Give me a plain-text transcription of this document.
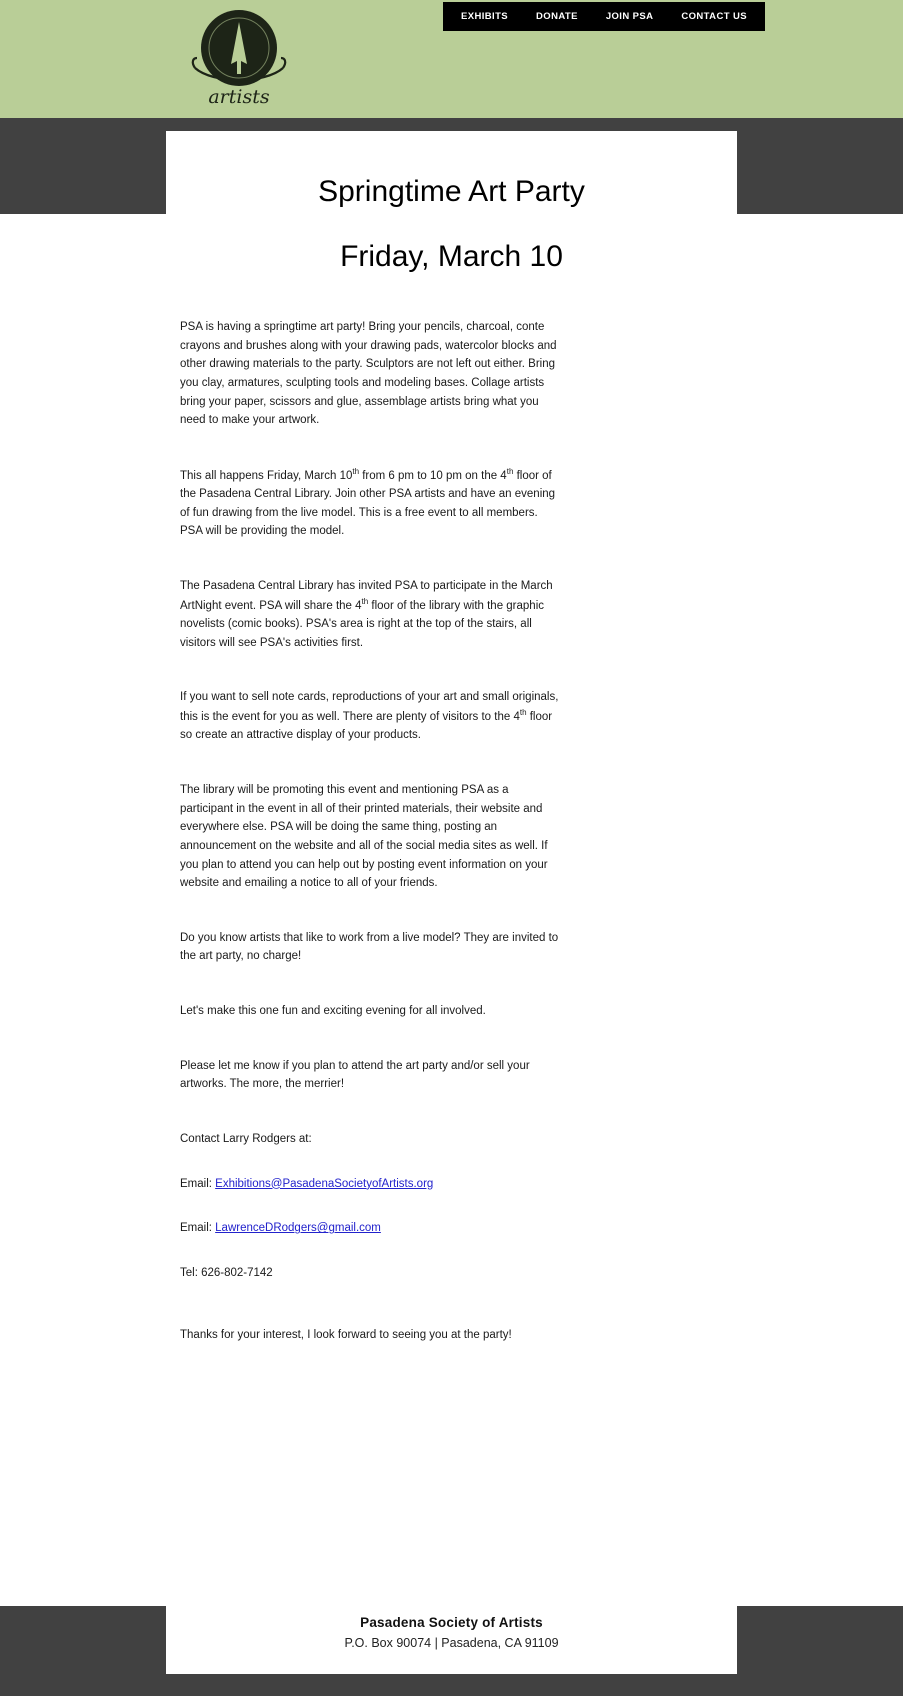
artists
EXHIBITS	DONATE	JOIN PSA	CONTACT US
Springtime Art Party
Friday, March 10

PSA is having a springtime art party! Bring your pencils, charcoal, conte crayons and brushes along with your drawing pads, watercolor blocks and other drawing materials to the party. Sculptors are not left out either. Bring you clay, armatures, sculpting tools and modeling bases. Collage artists bring your paper, scissors and glue, assemblage artists bring what you need to make your artwork.

This all happens Friday, March 10th from 6 pm to 10 pm on the 4th floor of the Pasadena Central Library. Join other PSA artists and have an evening of fun drawing from the live model. This is a free event to all members. PSA will be providing the model.

The Pasadena Central Library has invited PSA to participate in the March ArtNight event. PSA will share the 4th floor of the library with the graphic novelists (comic books). PSA's area is right at the top of the stairs, all visitors will see PSA's activities first.

If you want to sell note cards, reproductions of your art and small originals, this is the event for you as well. There are plenty of visitors to the 4th floor so create an attractive display of your products.

The library will be promoting this event and mentioning PSA as a participant in the event in all of their printed materials, their website and everywhere else. PSA will be doing the same thing, posting an announcement on the website and all of the social media sites as well. If you plan to attend you can help out by posting event information on your website and emailing a notice to all of your friends.

Do you know artists that like to work from a live model? They are invited to the art party, no charge!

Let's make this one fun and exciting evening for all involved.

Please let me know if you plan to attend the art party and/or sell your artworks. The more, the merrier!

Contact Larry Rodgers at:

Email: Exhibitions@PasadenaSocietyofArtists.org

Email: LawrenceDRodgers@gmail.com

Tel: 626-802-7142

Thanks for your interest, I look forward to seeing you at the party!

Pasadena Society of Artists

P.O. Box 90074 | Pasadena, CA 91109
